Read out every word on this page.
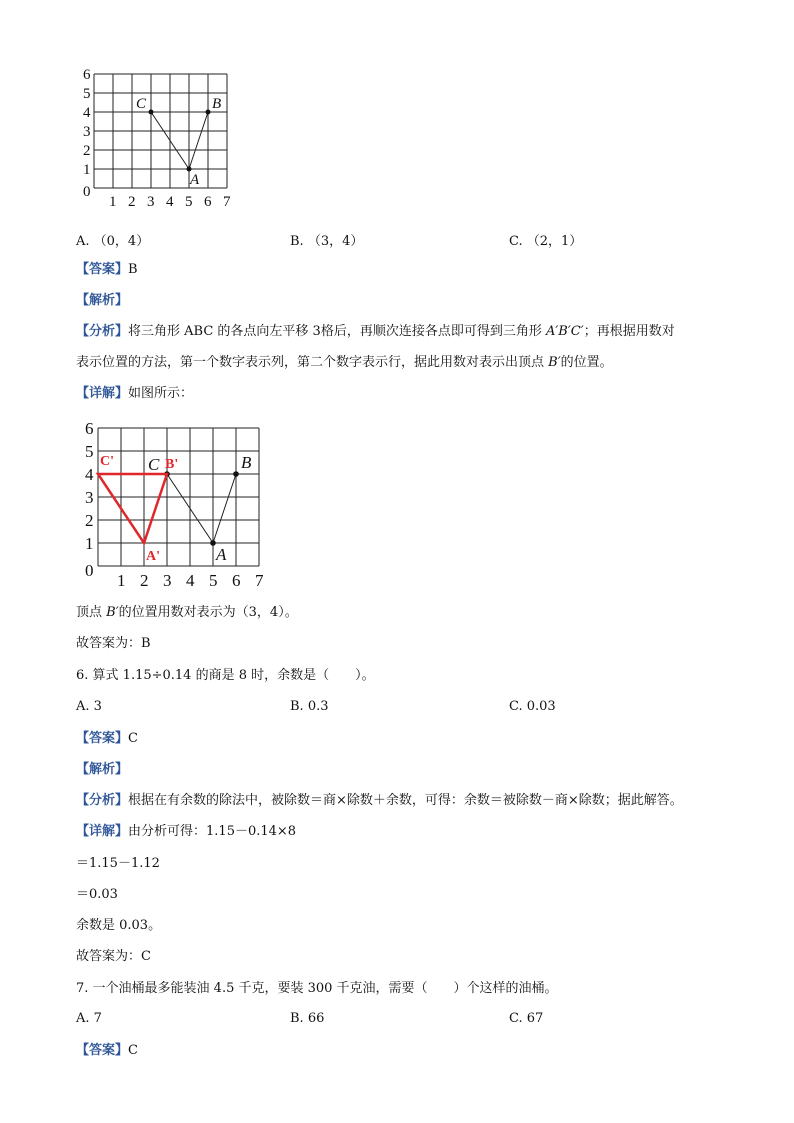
6
5
4
3
2
1
0
1 2 3 4 5 6 7
C	B
A
A. （0，4）	B. （3，4）	C. （2，1）
【答案】B
【解析】
【分析】将三角形 ABC 的各点向左平移 3格后，再顺次连接各点即可得到三角形 A′B′C′；再根据用数对
表示位置的方法，第一个数字表示列，第二个数字表示行，据此用数对表示出顶点 B′的位置。
【详解】如图所示：
6
5
4
3
2
1
0
1 2 3 4 5 6 7
C	B
A
C'	B'
A'
顶点 B′的位置用数对表示为（3，4）。
故答案为：B
6. 算式 1.15÷0.14 的商是 8 时，余数是（　　）。
A. 3	B. 0.3	C. 0.03
【答案】C
【解析】
【分析】根据在有余数的除法中，被除数＝商×除数＋余数，可得：余数＝被除数－商×除数；据此解答。
【详解】由分析可得：1.15－0.14×8
＝1.15－1.12
＝0.03
余数是 0.03。
故答案为：C
7. 一个油桶最多能装油 4.5 千克，要装 300 千克油，需要（　　）个这样的油桶。
A. 7	B. 66	C. 67
【答案】C
